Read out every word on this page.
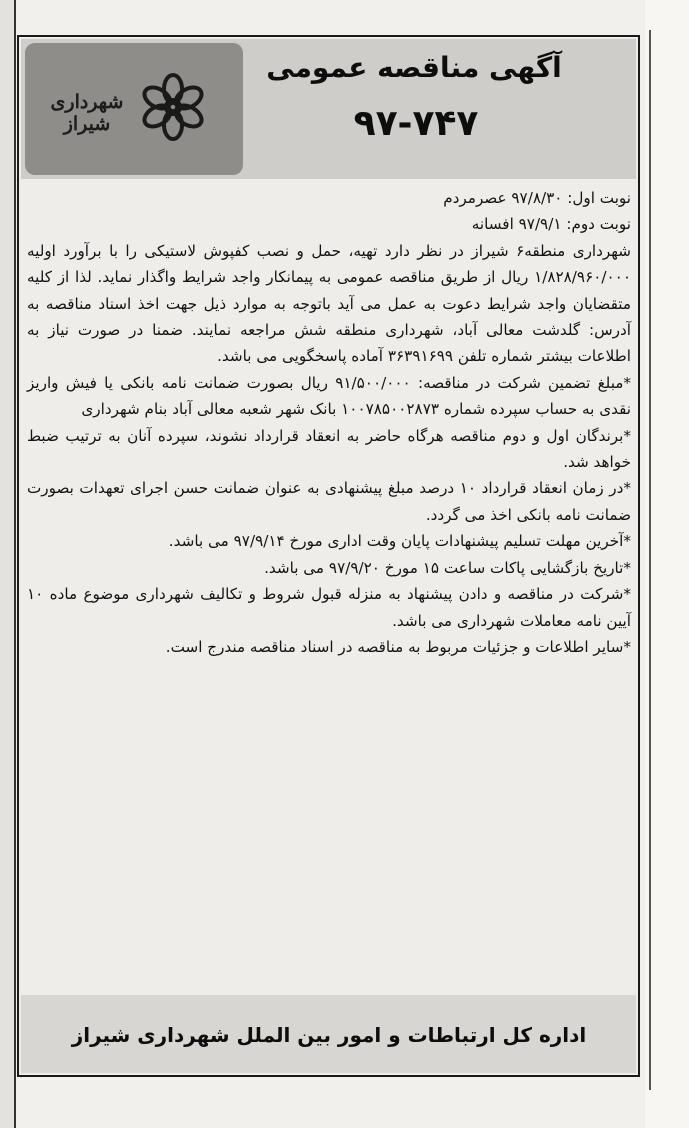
شهرداری شیراز
آگهی مناقصه عمومی
۹۷-۷۴۷

نوبت اول: ۹۷/۸/۳۰ عصرمردم

نوبت دوم: ۹۷/۹/۱ افسانه

شهرداری منطقه۶ شیراز در نظر دارد تهیه، حمل و نصب کفپوش لاستیکی را با برآورد اولیه ۱/۸۲۸/۹۶۰/۰۰۰ ریال از طریق مناقصه عمومی به پیمانکار واجد شرایط واگذار نماید. لذا از کلیه متقضایان واجد شرایط دعوت به عمل می آید باتوجه به موارد ذیل جهت اخذ اسناد مناقصه به آدرس: گلدشت معالی آباد، شهرداری منطقه شش مراجعه نمایند. ضمنا در صورت نیاز به اطلاعات بیشتر شماره تلفن ۳۶۳۹۱۶۹۹ آماده پاسخگویی می باشد.

*مبلغ تضمین شرکت در مناقصه: ۹۱/۵۰۰/۰۰۰ ریال بصورت ضمانت نامه بانکی یا فیش واریز نقدی به حساب سپرده شماره ۱۰۰۷۸۵۰۰۲۸۷۳ بانک شهر شعبه معالی آباد بنام شهرداری

*برندگان اول و دوم مناقصه هرگاه حاضر به انعقاد قرارداد نشوند، سپرده آنان به ترتیب ضبط خواهد شد.

*در زمان انعقاد قرارداد ۱۰ درصد مبلغ پیشنهادی به عنوان ضمانت حسن اجرای تعهدات بصورت ضمانت نامه بانکی اخذ می گردد.

*آخرین مهلت تسلیم پیشنهادات پایان وقت اداری مورخ ۹۷/۹/۱۴ می باشد.

*تاریخ بازگشایی پاکات ساعت ۱۵ مورخ ۹۷/۹/۲۰ می باشد.

*شرکت در مناقصه و دادن پیشنهاد به منزله قبول شروط و تکالیف شهرداری موضوع ماده ۱۰ آیین نامه معاملات شهرداری می باشد.

*سایر اطلاعات و جزئیات مربوط به مناقصه در اسناد مناقصه مندرج است.

اداره کل ارتباطات و امور بین الملل شهرداری شیراز
